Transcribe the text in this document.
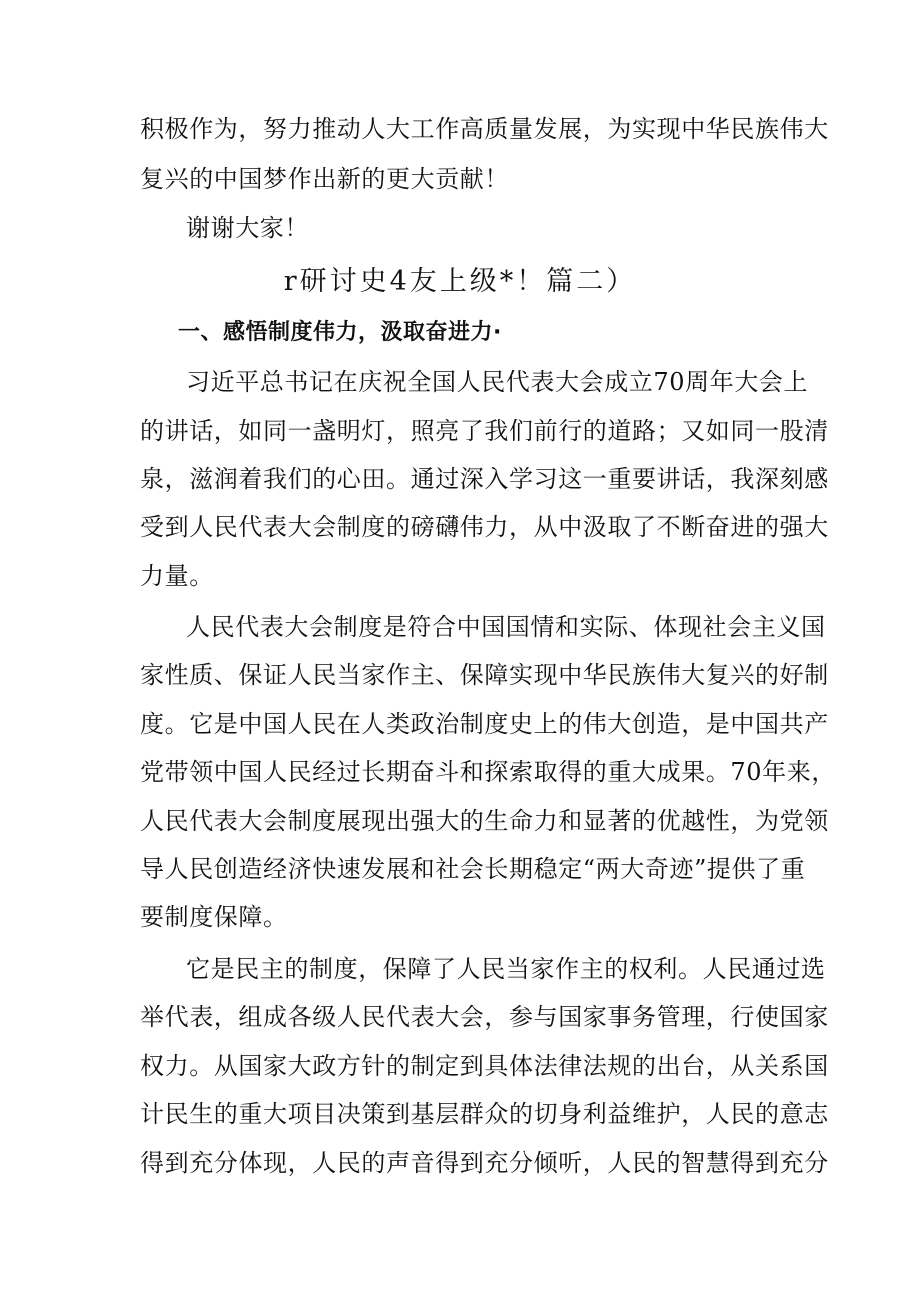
积极作为，努力推动人大工作高质量发展，为实现中华民族伟大
复兴的中国梦作出新的更大贡献！
谢谢大家！
r研讨史4友上级*！篇二）
一、感悟制度伟力，汲取奋进力·
习近平总书记在庆祝全国人民代表大会成立70周年大会上
的讲话，如同一盏明灯，照亮了我们前行的道路；又如同一股清
泉，滋润着我们的心田。通过深入学习这一重要讲话，我深刻感
受到人民代表大会制度的磅礴伟力，从中汲取了不断奋进的强大
力量。
人民代表大会制度是符合中国国情和实际、体现社会主义国
家性质、保证人民当家作主、保障实现中华民族伟大复兴的好制
度。它是中国人民在人类政治制度史上的伟大创造，是中国共产
党带领中国人民经过长期奋斗和探索取得的重大成果。70年来，
人民代表大会制度展现出强大的生命力和显著的优越性，为党领
导人民创造经济快速发展和社会长期稳定“两大奇迹”提供了重
要制度保障。
它是民主的制度，保障了人民当家作主的权利。人民通过选
举代表，组成各级人民代表大会，参与国家事务管理，行使国家
权力。从国家大政方针的制定到具体法律法规的出台，从关系国
计民生的重大项目决策到基层群众的切身利益维护，人民的意志
得到充分体现，人民的声音得到充分倾听，人民的智慧得到充分
